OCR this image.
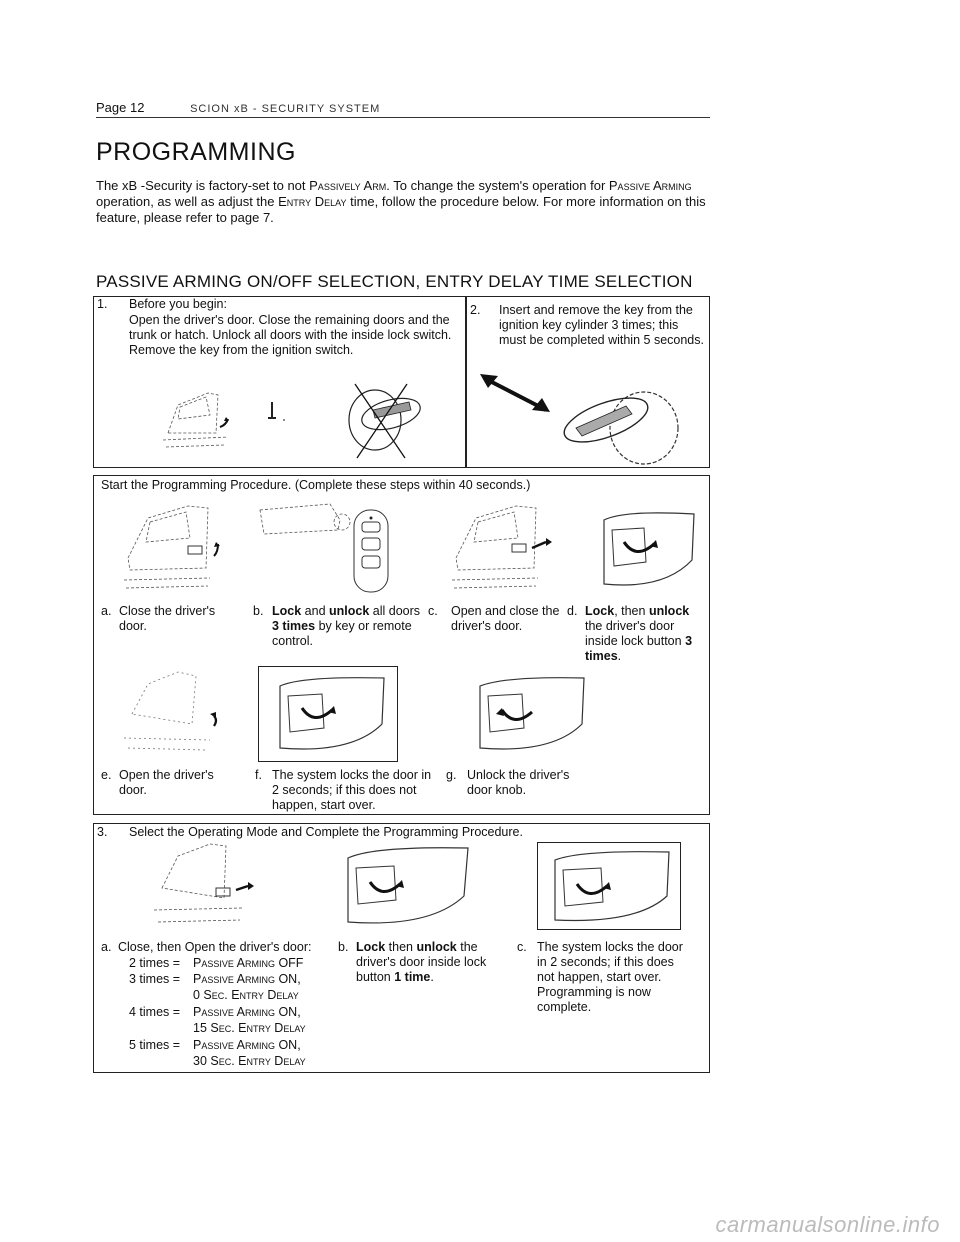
Page 12	SCION xB - SECURITY SYSTEM
PROGRAMMING
The xB -Security is factory-set to not Passively Arm. To change the system's operation for Passive Arming operation, as well as adjust the Entry Delay time, follow the procedure below. For more information on this feature, please refer to page 7.
PASSIVE ARMING ON/OFF SELECTION, ENTRY DELAY TIME SELECTION
1. Before you begin:
Open the driver's door. Close the remaining doors and the trunk or hatch. Unlock all doors with the inside lock switch. Remove the key from the ignition switch.
2. Insert and remove the key from the ignition key cylinder 3 times; this must be completed within 5 seconds.
Start the Programming Procedure. (Complete these steps within 40 seconds.)
a. Close the driver's door.
b. Lock and unlock all doors 3 times by key or remote control.
c. Open and close the driver's door.
d. Lock, then unlock the driver's door inside lock button 3 times.
e. Open the driver's door.
f. The system locks the door in 2 seconds; if this does not happen, start over.
g. Unlock the driver's door knob.
3. Select the Operating Mode and Complete the Programming Procedure.
a. Close, then Open the driver's door:
2 times = Passive Arming OFF
3 times = Passive Arming ON,
0 Sec. Entry Delay
4 times = Passive Arming ON,
15 Sec. Entry Delay
5 times = Passive Arming ON,
30 Sec. Entry Delay
b. Lock then unlock the driver's door inside lock button 1 time.
c. The system locks the door in 2 seconds; if this does not happen, start over. Programming is now complete.
carmanualsonline.info
